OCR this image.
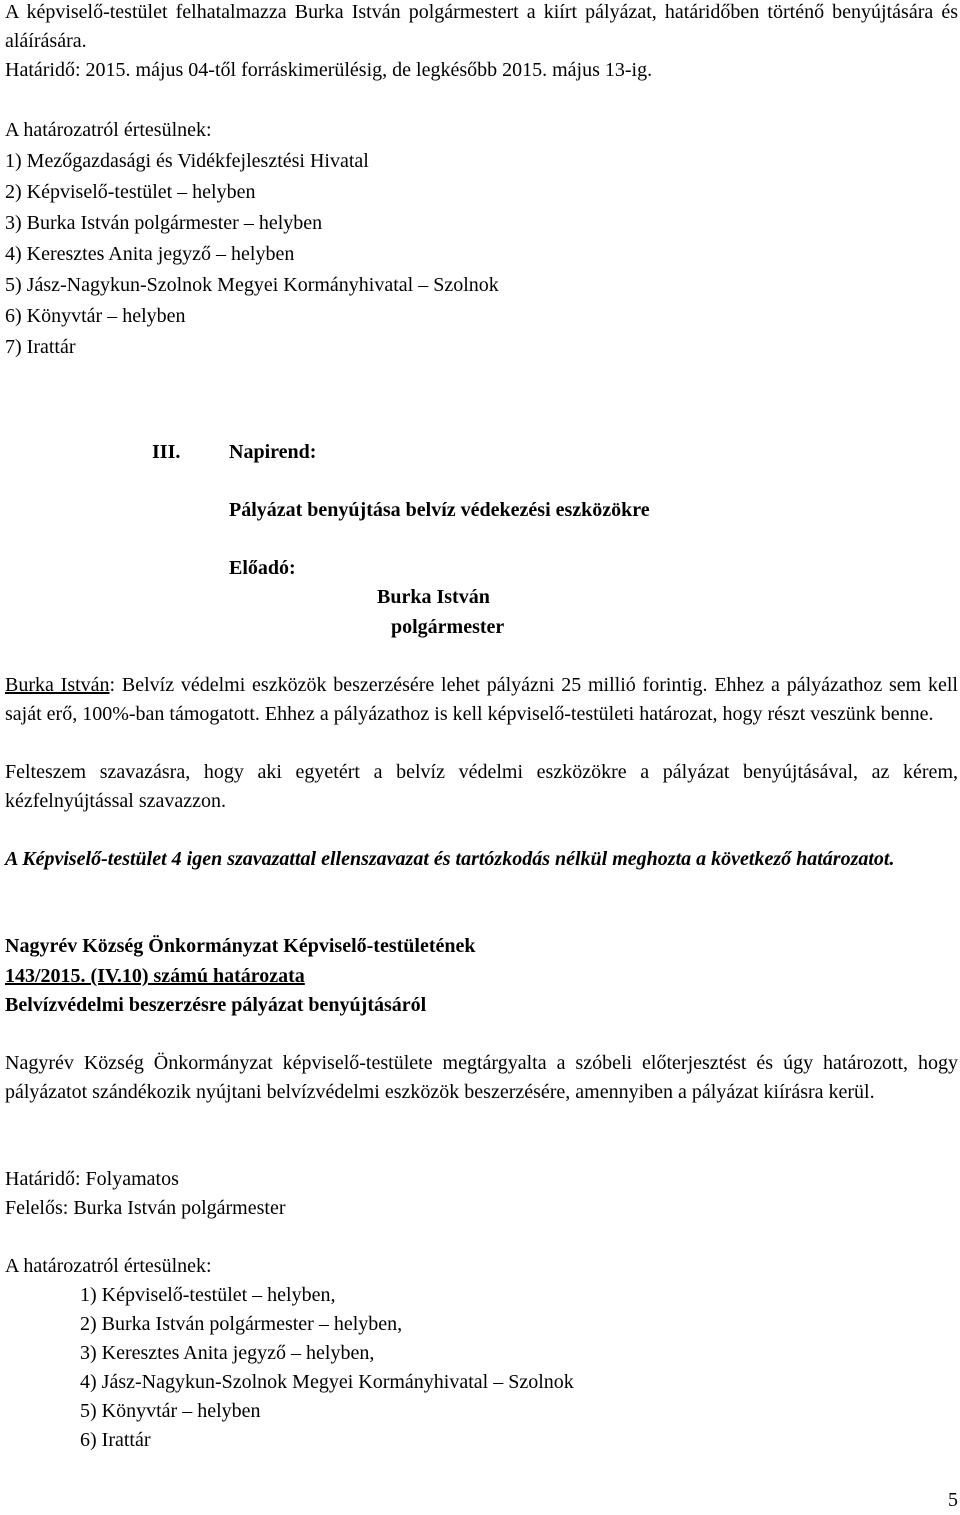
A képviselő-testület felhatalmazza Burka István polgármestert a kiírt pályázat, határidőben történő benyújtására és aláírására.

Határidő: 2015. május 04-től forráskimerülésig, de legkésőbb 2015. május 13-ig.

A határozatról értesülnek:

1) Mezőgazdasági és Vidékfejlesztési Hivatal
2) Képviselő-testület – helyben
3) Burka István polgármester – helyben
4) Keresztes Anita jegyző – helyben
5) Jász-Nagykun-Szolnok Megyei Kormányhivatal – Szolnok
6) Könyvtár – helyben
7) Irattár
III. Napirend:
Pályázat benyújtása belvíz védekezési eszközökre
Előadó:
Burka István
polgármester

Burka István: Belvíz védelmi eszközök beszerzésére lehet pályázni 25 millió forintig. Ehhez a pályázathoz sem kell saját erő, 100%-ban támogatott. Ehhez a pályázathoz is kell képviselő-testületi határozat, hogy részt veszünk benne.

Felteszem szavazásra, hogy aki egyetért a belvíz védelmi eszközökre a pályázat benyújtásával, az kérem, kézfelnyújtással szavazzon.

A Képviselő-testület 4 igen szavazattal ellenszavazat és tartózkodás nélkül meghozta a következő határozatot.

Nagyrév Község Önkormányzat Képviselő-testületének

143/2015. (IV.10) számú határozata

Belvízvédelmi beszerzésre pályázat benyújtásáról

Nagyrév Község Önkormányzat képviselő-testülete megtárgyalta a szóbeli előterjesztést és úgy határozott, hogy pályázatot szándékozik nyújtani belvízvédelmi eszközök beszerzésére, amennyiben a pályázat kiírásra kerül.

Határidő: Folyamatos

Felelős: Burka István polgármester

A határozatról értesülnek:

1) Képviselő-testület – helyben,
2) Burka István polgármester – helyben,
3) Keresztes Anita jegyző – helyben,
4) Jász-Nagykun-Szolnok Megyei Kormányhivatal – Szolnok
5) Könyvtár – helyben
6) Irattár
5
